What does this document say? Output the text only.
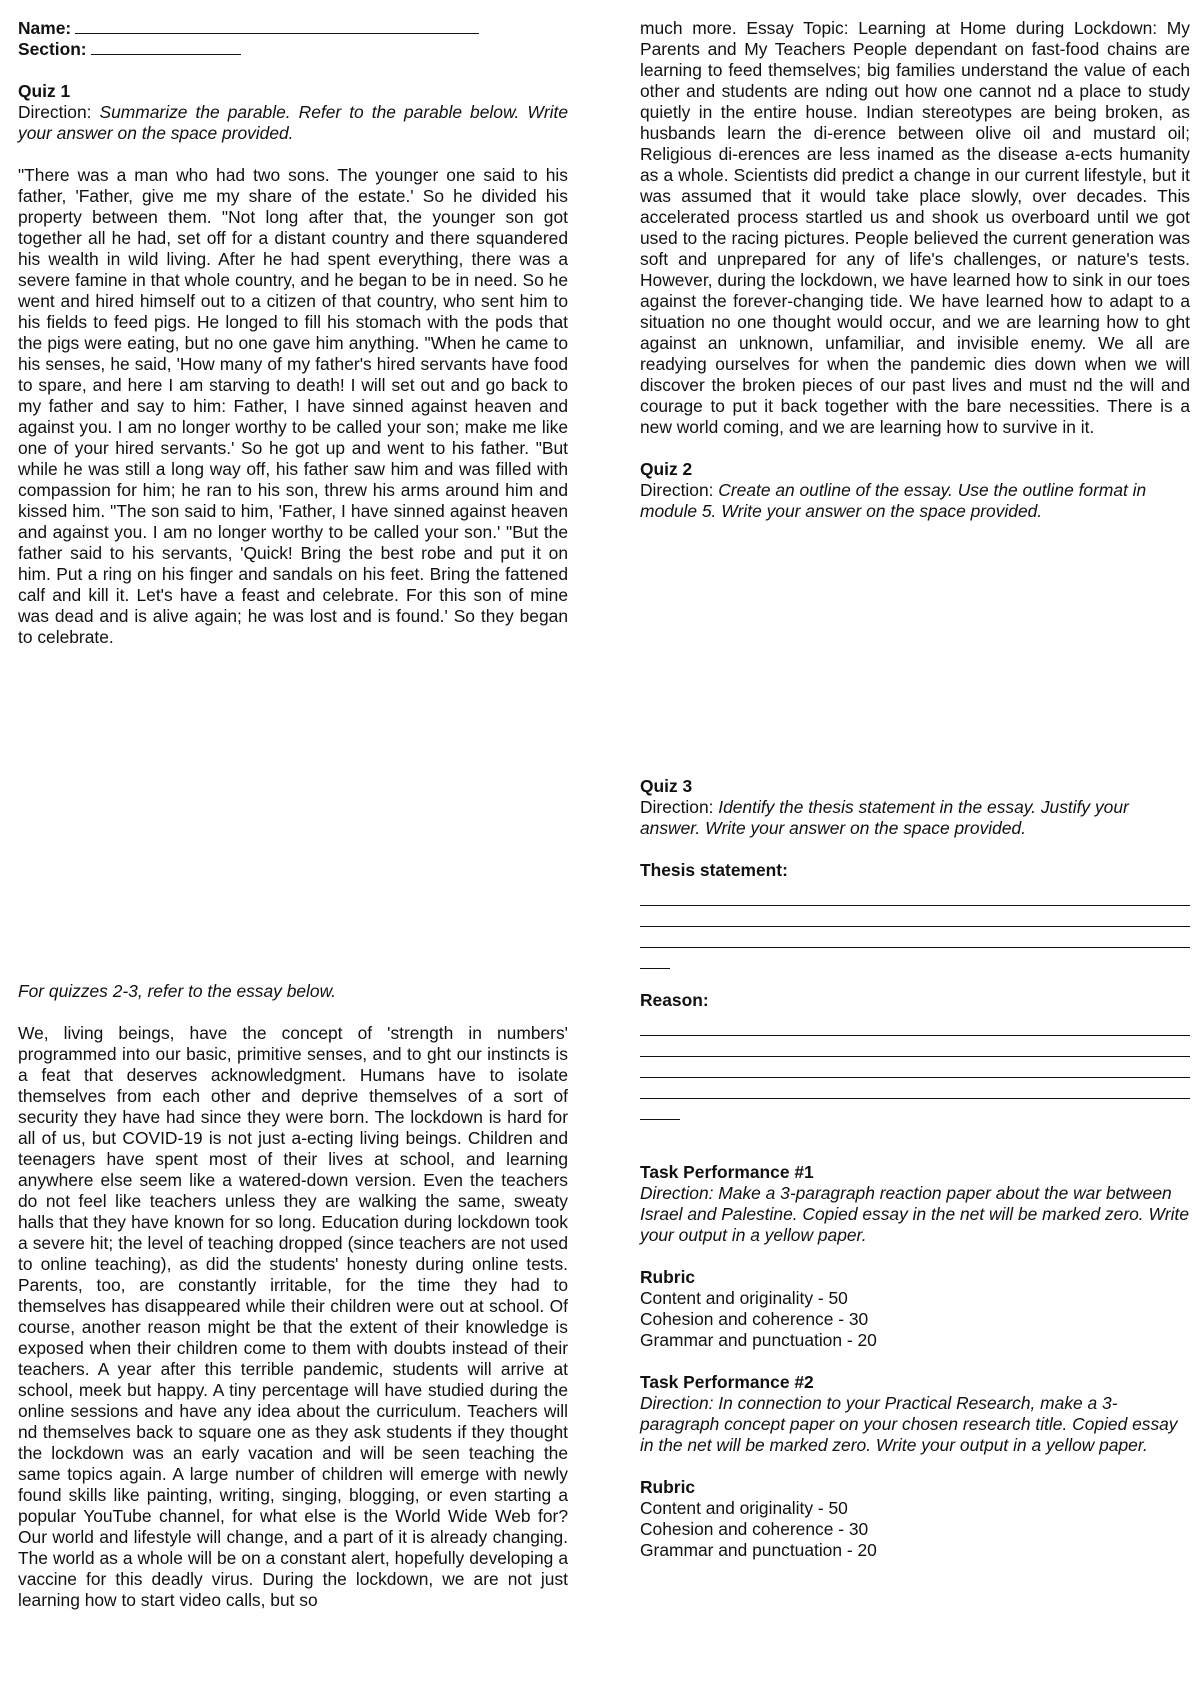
Name:
Section:
Quiz 1

Direction: Summarize the parable. Refer to the parable below. Write your answer on the space provided.

"There was a man who had two sons. The younger one said to his father, 'Father, give me my share of the estate.' So he divided his property between them. "Not long after that, the younger son got together all he had, set off for a distant country and there squandered his wealth in wild living. After he had spent everything, there was a severe famine in that whole country, and he began to be in need. So he went and hired himself out to a citizen of that country, who sent him to his fields to feed pigs. He longed to fill his stomach with the pods that the pigs were eating, but no one gave him anything. "When he came to his senses, he said, 'How many of my father's hired servants have food to spare, and here I am starving to death! I will set out and go back to my father and say to him: Father, I have sinned against heaven and against you. I am no longer worthy to be called your son; make me like one of your hired servants.' So he got up and went to his father. "But while he was still a long way off, his father saw him and was filled with compassion for him; he ran to his son, threw his arms around him and kissed him. "The son said to him, 'Father, I have sinned against heaven and against you. I am no longer worthy to be called your son.' "But the father said to his servants, 'Quick! Bring the best robe and put it on him. Put a ring on his finger and sandals on his feet. Bring the fattened calf and kill it. Let's have a feast and celebrate. For this son of mine was dead and is alive again; he was lost and is found.' So they began to celebrate.

For quizzes 2-3, refer to the essay below.

We, living beings, have the concept of 'strength in numbers' programmed into our basic, primitive senses, and to ght our instincts is a feat that deserves acknowledgment. Humans have to isolate themselves from each other and deprive themselves of a sort of security they have had since they were born. The lockdown is hard for all of us, but COVID-19 is not just a-ecting living beings. Children and teenagers have spent most of their lives at school, and learning anywhere else seem like a watered-down version. Even the teachers do not feel like teachers unless they are walking the same, sweaty halls that they have known for so long. Education during lockdown took a severe hit; the level of teaching dropped (since teachers are not used to online teaching), as did the students' honesty during online tests. Parents, too, are constantly irritable, for the time they had to themselves has disappeared while their children were out at school. Of course, another reason might be that the extent of their knowledge is exposed when their children come to them with doubts instead of their teachers. A year after this terrible pandemic, students will arrive at school, meek but happy. A tiny percentage will have studied during the online sessions and have any idea about the curriculum. Teachers will nd themselves back to square one as they ask students if they thought the lockdown was an early vacation and will be seen teaching the same topics again. A large number of children will emerge with newly found skills like painting, writing, singing, blogging, or even starting a popular YouTube channel, for what else is the World Wide Web for? Our world and lifestyle will change, and a part of it is already changing. The world as a whole will be on a constant alert, hopefully developing a vaccine for this deadly virus. During the lockdown, we are not just learning how to start video calls, but so

much more. Essay Topic: Learning at Home during Lockdown: My Parents and My Teachers People dependant on fast-food chains are learning to feed themselves; big families understand the value of each other and students are nding out how one cannot nd a place to study quietly in the entire house. Indian stereotypes are being broken, as husbands learn the di-erence between olive oil and mustard oil; Religious di-erences are less inamed as the disease a-ects humanity as a whole. Scientists did predict a change in our current lifestyle, but it was assumed that it would take place slowly, over decades. This accelerated process startled us and shook us overboard until we got used to the racing pictures. People believed the current generation was soft and unprepared for any of life's challenges, or nature's tests. However, during the lockdown, we have learned how to sink in our toes against the forever-changing tide. We have learned how to adapt to a situation no one thought would occur, and we are learning how to ght against an unknown, unfamiliar, and invisible enemy. We all are readying ourselves for when the pandemic dies down when we will discover the broken pieces of our past lives and must nd the will and courage to put it back together with the bare necessities. There is a new world coming, and we are learning how to survive in it.

Quiz 2

Direction: Create an outline of the essay. Use the outline format in module 5. Write your answer on the space provided.

Quiz 3

Direction: Identify the thesis statement in the essay. Justify your answer. Write your answer on the space provided.

Thesis statement:
Reason:
Task Performance #1

Direction: Make a 3-paragraph reaction paper about the war between Israel and Palestine. Copied essay in the net will be marked zero. Write your output in a yellow paper.

Rubric
Content and originality - 50
Cohesion and coherence - 30
Grammar and punctuation - 20
Task Performance #2

Direction: In connection to your Practical Research, make a 3-paragraph concept paper on your chosen research title. Copied essay in the net will be marked zero. Write your output in a yellow paper.

Rubric
Content and originality - 50
Cohesion and coherence - 30
Grammar and punctuation - 20
